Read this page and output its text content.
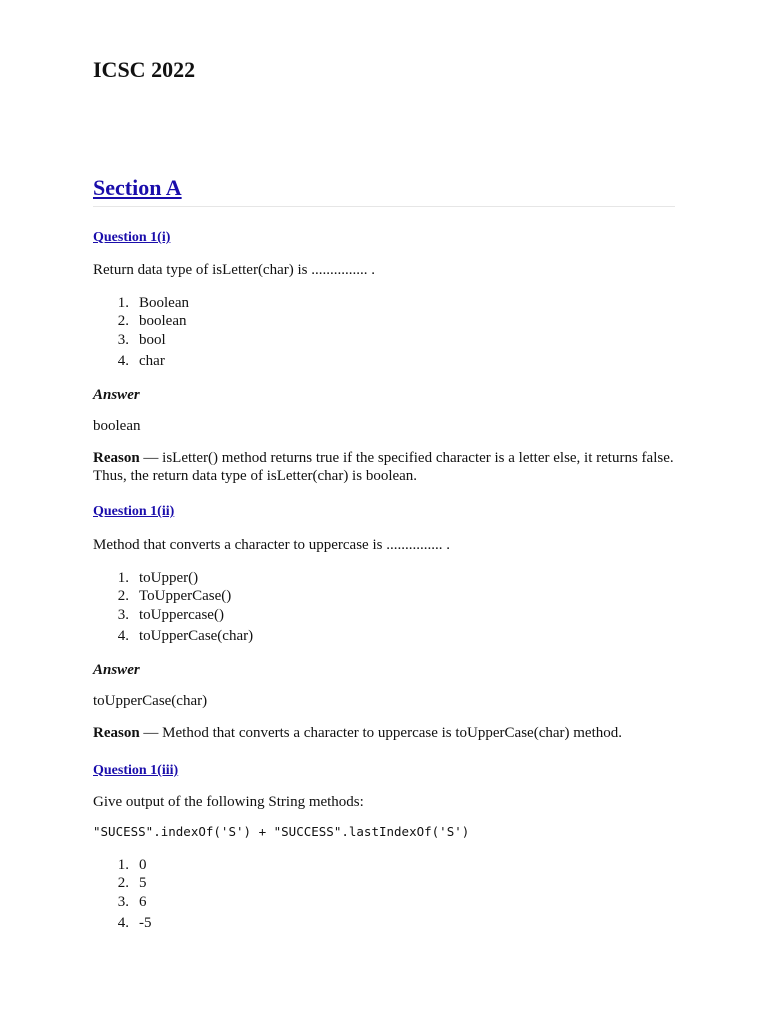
ICSC 2022
Section A
Question 1(i)

Return data type of isLetter(char) is ............... .

1. Boolean
2. boolean
3. bool
4. char

Answer

boolean

Reason — isLetter() method returns true if the specified character is a letter else, it returns false. Thus, the return data type of isLetter(char) is boolean.

Question 1(ii)

Method that converts a character to uppercase is ............... .

1. toUpper()
2. ToUpperCase()
3. toUppercase()
4. toUpperCase(char)

Answer

toUpperCase(char)

Reason — Method that converts a character to uppercase is toUpperCase(char) method.

Question 1(iii)

Give output of the following String methods:

"SUCESS".indexOf('S') + "SUCCESS".lastIndexOf('S')

1. 0
2. 5
3. 6
4. -5
